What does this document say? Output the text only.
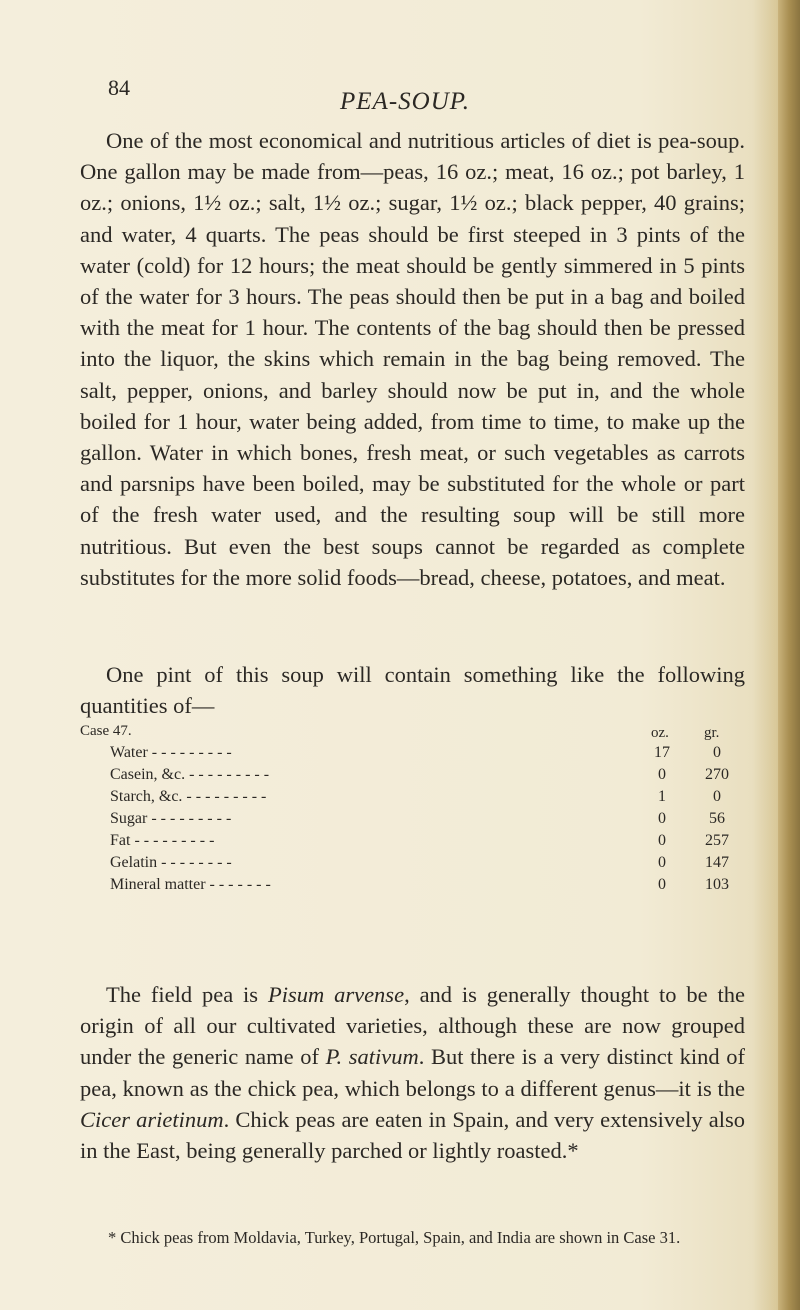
84
PEA-SOUP.
One of the most economical and nutritious articles of diet is pea-soup. One gallon may be made from—peas, 16 oz.; meat, 16 oz.; pot barley, 1 oz.; onions, 1½ oz.; salt, 1½ oz.; sugar, 1½ oz.; black pepper, 40 grains; and water, 4 quarts. The peas should be first steeped in 3 pints of the water (cold) for 12 hours; the meat should be gently simmered in 5 pints of the water for 3 hours. The peas should then be put in a bag and boiled with the meat for 1 hour. The contents of the bag should then be pressed into the liquor, the skins which remain in the bag being removed. The salt, pepper, onions, and barley should now be put in, and the whole boiled for 1 hour, water being added, from time to time, to make up the gallon. Water in which bones, fresh meat, or such vegetables as carrots and parsnips have been boiled, may be substituted for the whole or part of the fresh water used, and the resulting soup will be still more nutritious. But even the best soups cannot be regarded as complete substitutes for the more solid foods—bread, cheese, potatoes, and meat.
One pint of this soup will contain something like the following quantities of—
Case 47.	oz. gr.
Water - - - - - - - - -	17	0
Casein, &c. - - - - - - - - -	0	270
Starch, &c. - - - - - - - - -	1	0
Sugar - - - - - - - - -	0	56
Fat - - - - - - - - -	0	257
Gelatin - - - - - - - -	0	147
Mineral matter - - - - - - -	0	103
The field pea is Pisum arvense, and is generally thought to be the origin of all our cultivated varieties, although these are now grouped under the generic name of P. sativum. But there is a very distinct kind of pea, known as the chick pea, which belongs to a different genus—it is the Cicer arietinum. Chick peas are eaten in Spain, and very extensively also in the East, being generally parched or lightly roasted.*
* Chick peas from Moldavia, Turkey, Portugal, Spain, and India are shown in Case 31.
